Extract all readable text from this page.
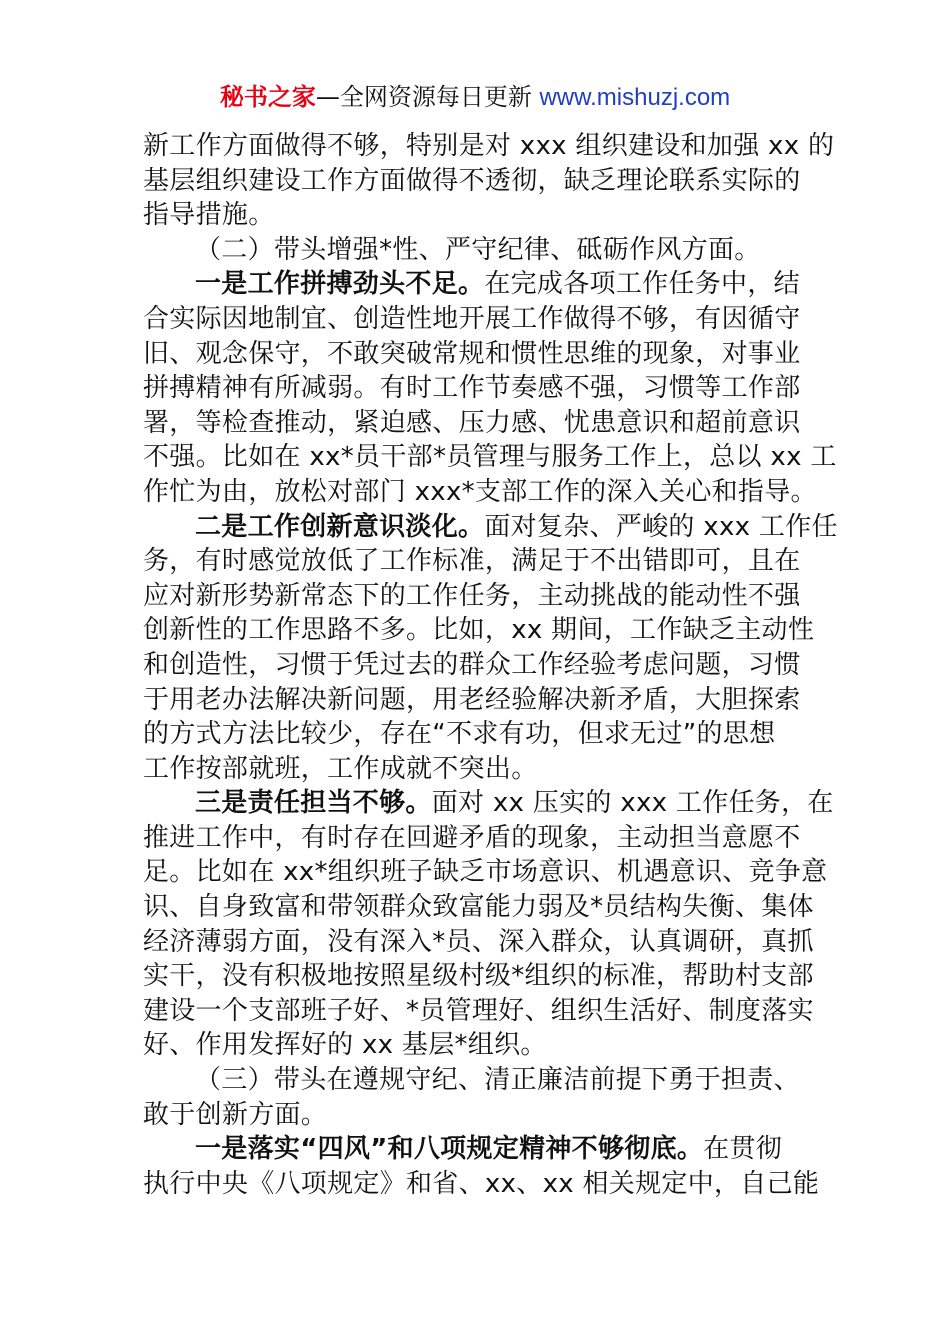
秘书之家—全网资源每日更新 www.mishuzj.com
新工作方面做得不够，特别是对 xxx 组织建设和加强 xx 的
基层组织建设工作方面做得不透彻，缺乏理论联系实际的
指导措施。
（二）带头增强*性、严守纪律、砥砺作风方面。
一是工作拼搏劲头不足。在完成各项工作任务中，结
合实际因地制宜、创造性地开展工作做得不够，有因循守
旧、观念保守，不敢突破常规和惯性思维的现象，对事业
拼搏精神有所减弱。有时工作节奏感不强，习惯等工作部
署，等检查推动，紧迫感、压力感、忧患意识和超前意识
不强。比如在 xx*员干部*员管理与服务工作上，总以 xx 工
作忙为由，放松对部门 xxx*支部工作的深入关心和指导。
二是工作创新意识淡化。面对复杂、严峻的 xxx 工作任
务，有时感觉放低了工作标准，满足于不出错即可，且在
应对新形势新常态下的工作任务，主动挑战的能动性不强
创新性的工作思路不多。比如，xx 期间，工作缺乏主动性
和创造性，习惯于凭过去的群众工作经验考虑问题，习惯
于用老办法解决新问题，用老经验解决新矛盾，大胆探索
的方式方法比较少，存在“不求有功，但求无过”的思想
工作按部就班，工作成就不突出。
三是责任担当不够。面对 xx 压实的 xxx 工作任务，在
推进工作中，有时存在回避矛盾的现象，主动担当意愿不
足。比如在 xx*组织班子缺乏市场意识、机遇意识、竞争意
识、自身致富和带领群众致富能力弱及*员结构失衡、集体
经济薄弱方面，没有深入*员、深入群众，认真调研，真抓
实干，没有积极地按照星级村级*组织的标准，帮助村支部
建设一个支部班子好、*员管理好、组织生活好、制度落实
好、作用发挥好的 xx 基层*组织。
（三）带头在遵规守纪、清正廉洁前提下勇于担责、
敢于创新方面。
一是落实“四风”和八项规定精神不够彻底。在贯彻
执行中央《八项规定》和省、xx、xx 相关规定中，自己能
